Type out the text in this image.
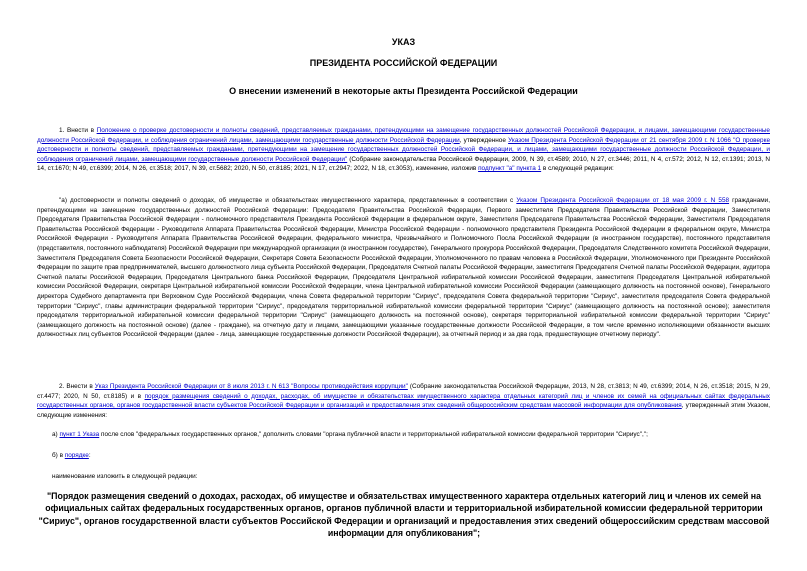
УКАЗ
ПРЕЗИДЕНТА РОССИЙСКОЙ ФЕДЕРАЦИИ
О внесении изменений в некоторые акты Президента Российской Федерации
1. Внести в Положение о проверке достоверности и полноты сведений, представляемых гражданами, претендующими на замещение государственных должностей Российской Федерации, и лицами, замещающими государственные должности Российской Федерации, и соблюдения ограничений лицами, замещающими государственные должности Российской Федерации, утвержденное Указом Президента Российской Федерации от 21 сентября 2009 г. N 1066 "О проверке достоверности и полноты сведений, представляемых гражданами, претендующими на замещение государственных должностей Российской Федерации, и лицами, замещающими государственные должности Российской Федерации, и соблюдения ограничений лицами, замещающими государственные должности Российской Федерации" (Собрание законодательства Российской Федерации, 2009, N 39, ст.4589; 2010, N 27, ст.3446; 2011, N 4, ст.572; 2012, N 12, ст.1391; 2013, N 14, ст.1670; N 49, ст.6399; 2014, N 26, ст.3518; 2017, N 39, ст.5682; 2020, N 50, ст.8185; 2021, N 17, ст.2947; 2022, N 18, ст.3053), изменение, изложив подпункт "а" пункта 1 в следующей редакции:
"а) достоверности и полноты сведений о доходах, об имуществе и обязательствах имущественного характера, представленных в соответствии с Указом Президента Российской Федерации от 18 мая 2009 г. N 558 гражданами, претендующими на замещение государственных должностей Российской Федерации: Председателя Правительства Российской Федерации, Первого заместителя Председателя Правительства Российской Федерации, Заместителя Председателя Правительства Российской Федерации - полномочного представителя Президента Российской Федерации в федеральном округе, Заместителя Председателя Правительства Российской Федерации, Заместителя Председателя Правительства Российской Федерации - Руководителя Аппарата Правительства Российской Федерации, Министра Российской Федерации - полномочного представителя Президента Российской Федерации в федеральном округе, Министра Российской Федерации - Руководителя Аппарата Правительства Российской Федерации, федерального министра, Чрезвычайного и Полномочного Посла Российской Федерации (в иностранном государстве), постоянного представителя (представителя, постоянного наблюдателя) Российской Федерации при международной организации (в иностранном государстве), Генерального прокурора Российской Федерации, Председателя Следственного комитета Российской Федерации, Заместителя Председателя Совета Безопасности Российской Федерации, Секретаря Совета Безопасности Российской Федерации, Уполномоченного по правам человека в Российской Федерации, Уполномоченного при Президенте Российской Федерации по защите прав предпринимателей, высшего должностного лица субъекта Российской Федерации, Председателя Счетной палаты Российской Федерации, заместителя Председателя Счетной палаты Российской Федерации, аудитора Счетной палаты Российской Федерации, Председателя Центрального банка Российской Федерации, Председателя Центральной избирательной комиссии Российской Федерации, заместителя Председателя Центральной избирательной комиссии Российской Федерации, секретаря Центральной избирательной комиссии Российской Федерации, члена Центральной избирательной комиссии Российской Федерации (замещающего должность на постоянной основе), Генерального директора Судебного департамента при Верховном Суде Российской Федерации, члена Совета федеральной территории "Сириус", председателя Совета федеральной территории "Сириус", заместителя председателя Совета федеральной территории "Сириус", главы администрации федеральной территории "Сириус", председателя территориальной избирательной комиссии федеральной территории "Сириус" (замещающего должность на постоянной основе); заместителя председателя территориальной избирательной комиссии федеральной территории "Сириус" (замещающего должность на постоянной основе), секретаря территориальной избирательной комиссии федеральной территории "Сириус" (замещающего должность на постоянной основе) (далее - граждане), на отчетную дату и лицами, замещающими указанные государственные должности Российской Федерации, в том числе временно исполняющими обязанности высших должностных лиц субъектов Российской Федерации (далее - лица, замещающие государственные должности Российской Федерации), за отчетный период и за два года, предшествующие отчетному периоду".
2. Внести в Указ Президента Российской Федерации от 8 июля 2013 г. N 613 "Вопросы противодействия коррупции" (Собрание законодательства Российской Федерации, 2013, N 28, ст.3813; N 49, ст.6399; 2014, N 26, ст.3518; 2015, N 29, ст.4477; 2020, N 50, ст.8185) и в порядок размещения сведений о доходах, расходах, об имуществе и обязательствах имущественного характера отдельных категорий лиц и членов их семей на официальных сайтах федеральных государственных органов, органов государственной власти субъектов Российской Федерации и организаций и предоставления этих сведений общероссийским средствам массовой информации для опубликования, утвержденный этим Указом, следующие изменения:
а) пункт 1 Указа после слов "федеральных государственных органов," дополнить словами "органа публичной власти и территориальной избирательной комиссии федеральной территории "Сириус",";
б) в порядке:
наименование изложить в следующей редакции:
"Порядок размещения сведений о доходах, расходах, об имуществе и обязательствах имущественного характера отдельных категорий лиц и членов их семей на официальных сайтах федеральных государственных органов, органов публичной власти и территориальной избирательной комиссии федеральной территории "Сириус", органов государственной власти субъектов Российской Федерации и организаций и предоставления этих сведений общероссийским средствам массовой информации для опубликования";
